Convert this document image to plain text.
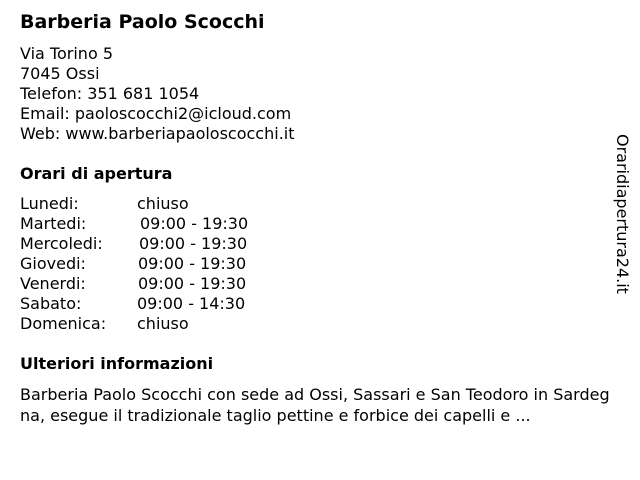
Barberia Paolo Scocchi
Via Torino 5
7045 Ossi
Telefon: 351 681 1054
Email: paoloscocchi2@icloud.com
Web: www.barberiapaoloscocchi.it
Orari di apertura
Lunedi:	chiuso
Martedi:	09:00 - 19:30
Mercoledi: 09:00 - 19:30
Giovedi:	09:00 - 19:30
Venerdi:	09:00 - 19:30
Sabato:	09:00 - 14:30
Domenica: chiuso
Ulteriori informazioni
Barberia Paolo Scocchi con sede ad Ossi, Sassari e San Teodoro in Sardegna, esegue il tradizionale taglio pettine e forbice dei capelli e ...
Oraridiapertura24.it
